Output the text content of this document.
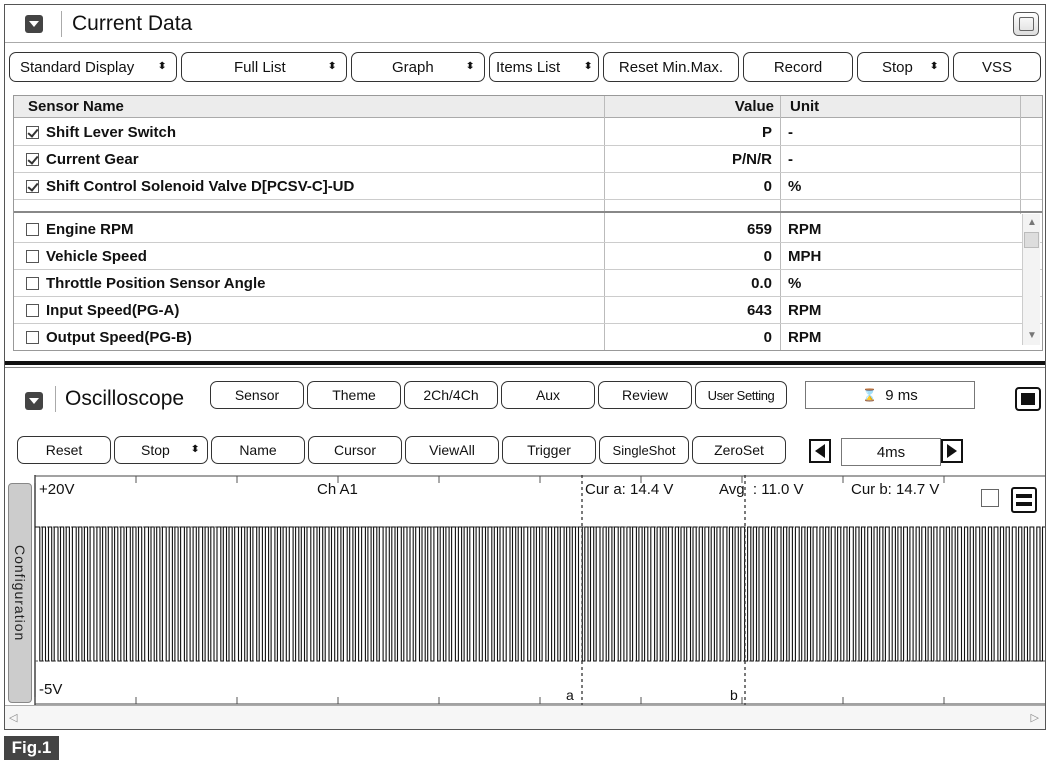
Current Data
Standard Display ⬍	Full List	⬍	Graph	⬍ Items List ⬍	Reset Min.Max.	Record	Stop ⬍	VSS
Sensor Name	Value Unit
Shift Lever Switch	P -
Current Gear	P/N/R -
Shift Control Solenoid Valve D[PCSV-C]-UD	0 %
Engine RPM	659 RPM
Vehicle Speed	0 MPH
Throttle Position Sensor Angle	0.0 %
Input Speed(PG-A)	643 RPM
Output Speed(PG-B)	0 RPM
▲
▼
Oscilloscope	Sensor	Theme	2Ch/4Ch	Aux	Review	User Setting	⌛ 9 ms
Reset	Stop ⬍	Name	Cursor	ViewAll	Trigger	SingleShot	ZeroSet	4ms
Configuration
+20V
-5V
Ch A1	Cur a: 14.4 V	Avg  : 11.0 V	Cur b: 14.7 V
a	b
◁	▷
Fig.1
